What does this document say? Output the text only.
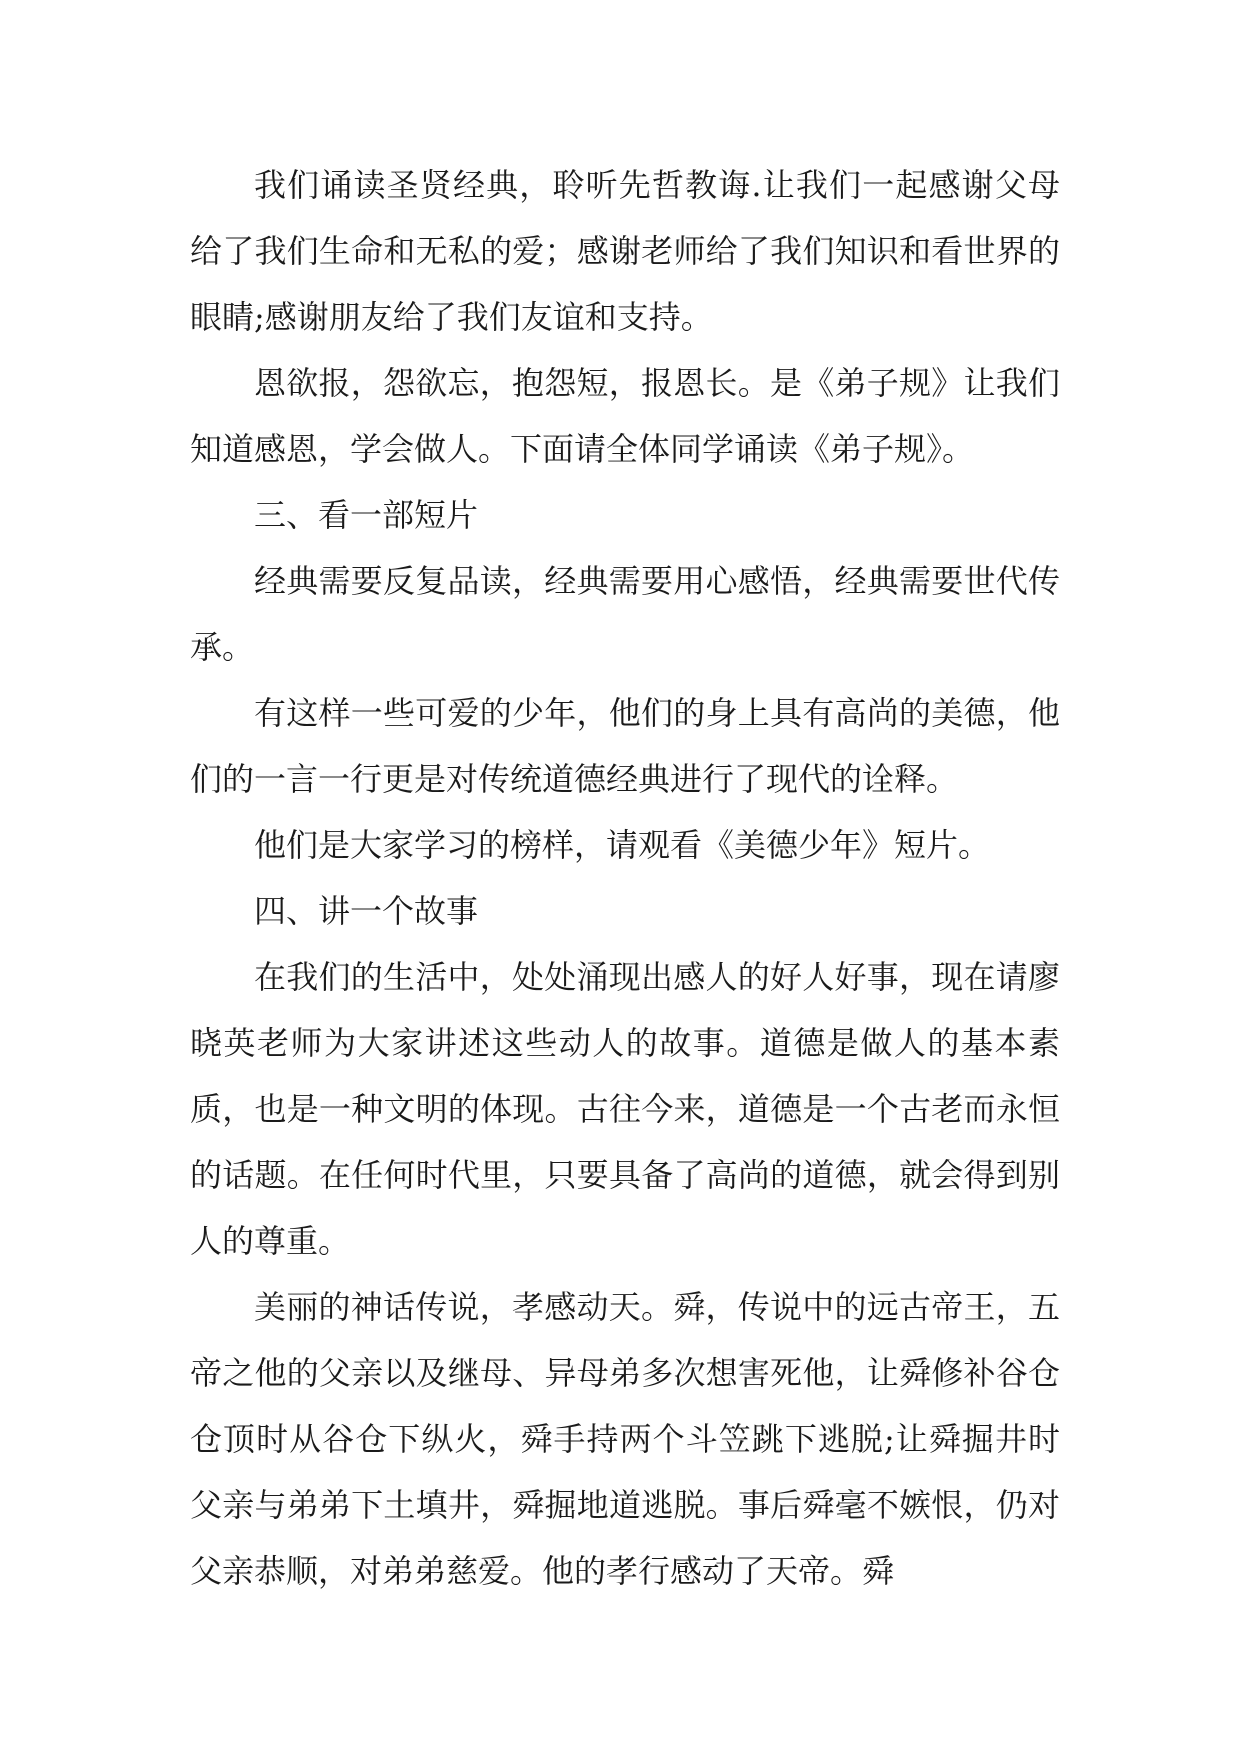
我们诵读圣贤经典，聆听先哲教诲.让我们一起感谢父母给了我们生命和无私的爱；感谢老师给了我们知识和看世界的眼睛;感谢朋友给了我们友谊和支持。

恩欲报，怨欲忘，抱怨短，报恩长。是《弟子规》让我们知道感恩，学会做人。下面请全体同学诵读《弟子规》。

三、看一部短片

经典需要反复品读，经典需要用心感悟，经典需要世代传承。

有这样一些可爱的少年，他们的身上具有高尚的美德，他们的一言一行更是对传统道德经典进行了现代的诠释。

他们是大家学习的榜样，请观看《美德少年》短片。

四、讲一个故事

在我们的生活中，处处涌现出感人的好人好事，现在请廖晓英老师为大家讲述这些动人的故事。道德是做人的基本素质，也是一种文明的体现。古往今来，道德是一个古老而永恒的话题。在任何时代里，只要具备了高尚的道德，就会得到别人的尊重。

美丽的神话传说，孝感动天。舜，传说中的远古帝王，五帝之他的父亲以及继母、异母弟多次想害死他，让舜修补谷仓仓顶时从谷仓下纵火，舜手持两个斗笠跳下逃脱;让舜掘井时父亲与弟弟下土填井，舜掘地道逃脱。事后舜毫不嫉恨，仍对父亲恭顺，对弟弟慈爱。他的孝行感动了天帝。舜
